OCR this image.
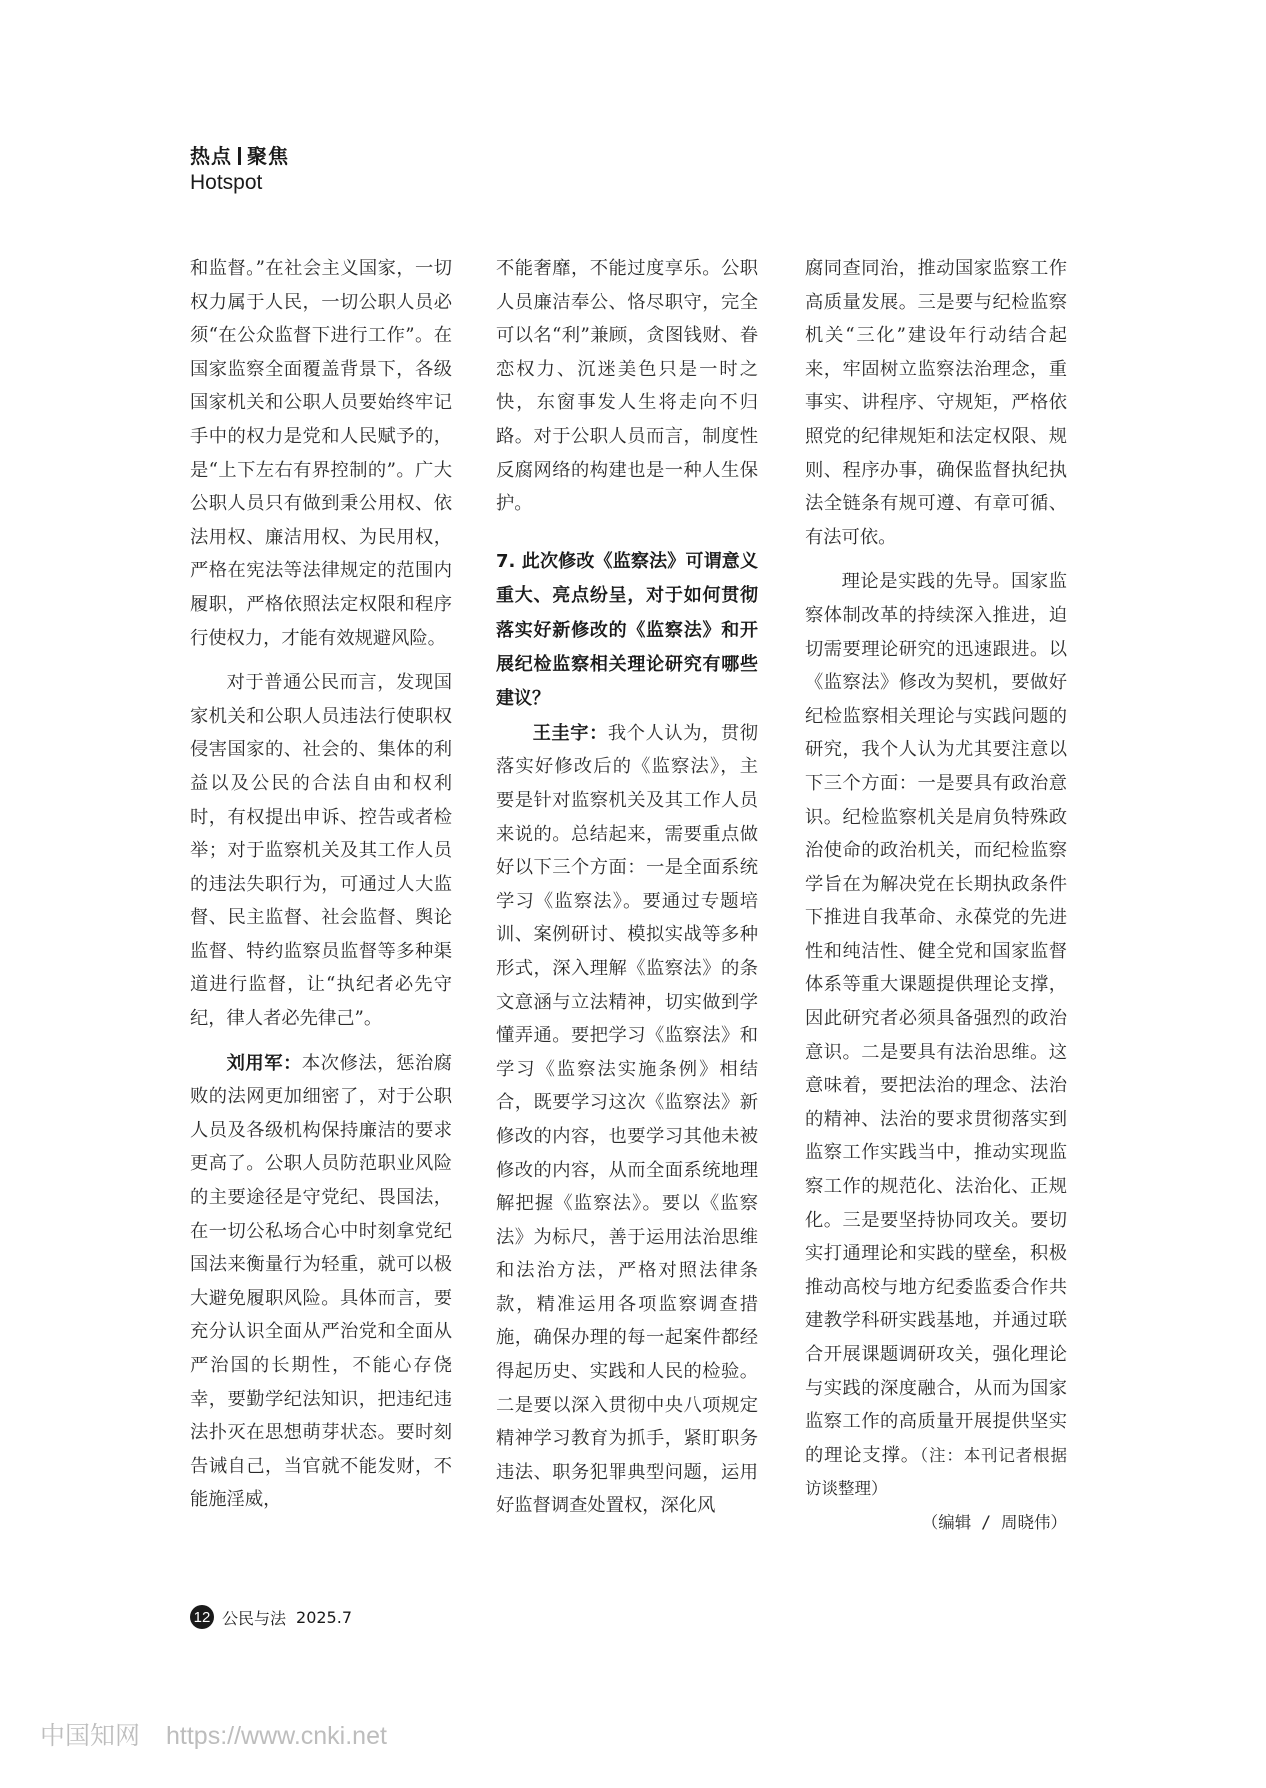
热点 聚焦
Hotspot

和监督。”在社会主义国家，一切权力属于人民，一切公职人员必须“在公众监督下进行工作”。在国家监察全面覆盖背景下，各级国家机关和公职人员要始终牢记手中的权力是党和人民赋予的，是“上下左右有界控制的”。广大公职人员只有做到秉公用权、依法用权、廉洁用权、为民用权，严格在宪法等法律规定的范围内履职，严格依照法定权限和程序行使权力，才能有效规避风险。

对于普通公民而言，发现国家机关和公职人员违法行使职权侵害国家的、社会的、集体的利益以及公民的合法自由和权利时，有权提出申诉、控告或者检举；对于监察机关及其工作人员的违法失职行为，可通过人大监督、民主监督、社会监督、舆论监督、特约监察员监督等多种渠道进行监督，让“执纪者必先守纪，律人者必先律己”。

刘用军：本次修法，惩治腐败的法网更加细密了，对于公职人员及各级机构保持廉洁的要求更高了。公职人员防范职业风险的主要途径是守党纪、畏国法，在一切公私场合心中时刻拿党纪国法来衡量行为轻重，就可以极大避免履职风险。具体而言，要充分认识全面从严治党和全面从严治国的长期性，不能心存侥幸，要勤学纪法知识，把违纪违法扑灭在思想萌芽状态。要时刻告诫自己，当官就不能发财，不能施淫威，

不能奢靡，不能过度享乐。公职人员廉洁奉公、恪尽职守，完全可以名“利”兼顾，贪图钱财、眷恋权力、沉迷美色只是一时之快，东窗事发人生将走向不归路。对于公职人员而言，制度性反腐网络的构建也是一种人生保护。

7. 此次修改《监察法》可谓意义重大、亮点纷呈，对于如何贯彻落实好新修改的《监察法》和开展纪检监察相关理论研究有哪些建议？

王圭宇：我个人认为，贯彻落实好修改后的《监察法》，主要是针对监察机关及其工作人员来说的。总结起来，需要重点做好以下三个方面：一是全面系统学习《监察法》。要通过专题培训、案例研讨、模拟实战等多种形式，深入理解《监察法》的条文意涵与立法精神，切实做到学懂弄通。要把学习《监察法》和学习《监察法实施条例》相结合，既要学习这次《监察法》新修改的内容，也要学习其他未被修改的内容，从而全面系统地理解把握《监察法》。要以《监察法》为标尺，善于运用法治思维和法治方法，严格对照法律条款，精准运用各项监察调查措施，确保办理的每一起案件都经得起历史、实践和人民的检验。二是要以深入贯彻中央八项规定精神学习教育为抓手，紧盯职务违法、职务犯罪典型问题，运用好监督调查处置权，深化风

腐同查同治，推动国家监察工作高质量发展。三是要与纪检监察机关“三化”建设年行动结合起来，牢固树立监察法治理念，重事实、讲程序、守规矩，严格依照党的纪律规矩和法定权限、规则、程序办事，确保监督执纪执法全链条有规可遵、有章可循、有法可依。

理论是实践的先导。国家监察体制改革的持续深入推进，迫切需要理论研究的迅速跟进。以《监察法》修改为契机，要做好纪检监察相关理论与实践问题的研究，我个人认为尤其要注意以下三个方面：一是要具有政治意识。纪检监察机关是肩负特殊政治使命的政治机关，而纪检监察学旨在为解决党在长期执政条件下推进自我革命、永葆党的先进性和纯洁性、健全党和国家监督体系等重大课题提供理论支撑，因此研究者必须具备强烈的政治意识。二是要具有法治思维。这意味着，要把法治的理念、法治的精神、法治的要求贯彻落实到监察工作实践当中，推动实现监察工作的规范化、法治化、正规化。三是要坚持协同攻关。要切实打通理论和实践的壁垒，积极推动高校与地方纪委监委合作共建教学科研实践基地，并通过联合开展课题调研攻关，强化理论与实践的深度融合，从而为国家监察工作的高质量开展提供坚实的理论支撑。（注：本刊记者根据访谈整理）
（编辑 / 周晓伟）

12 公民与法 2025.7
中国知网 https://www.cnki.net
